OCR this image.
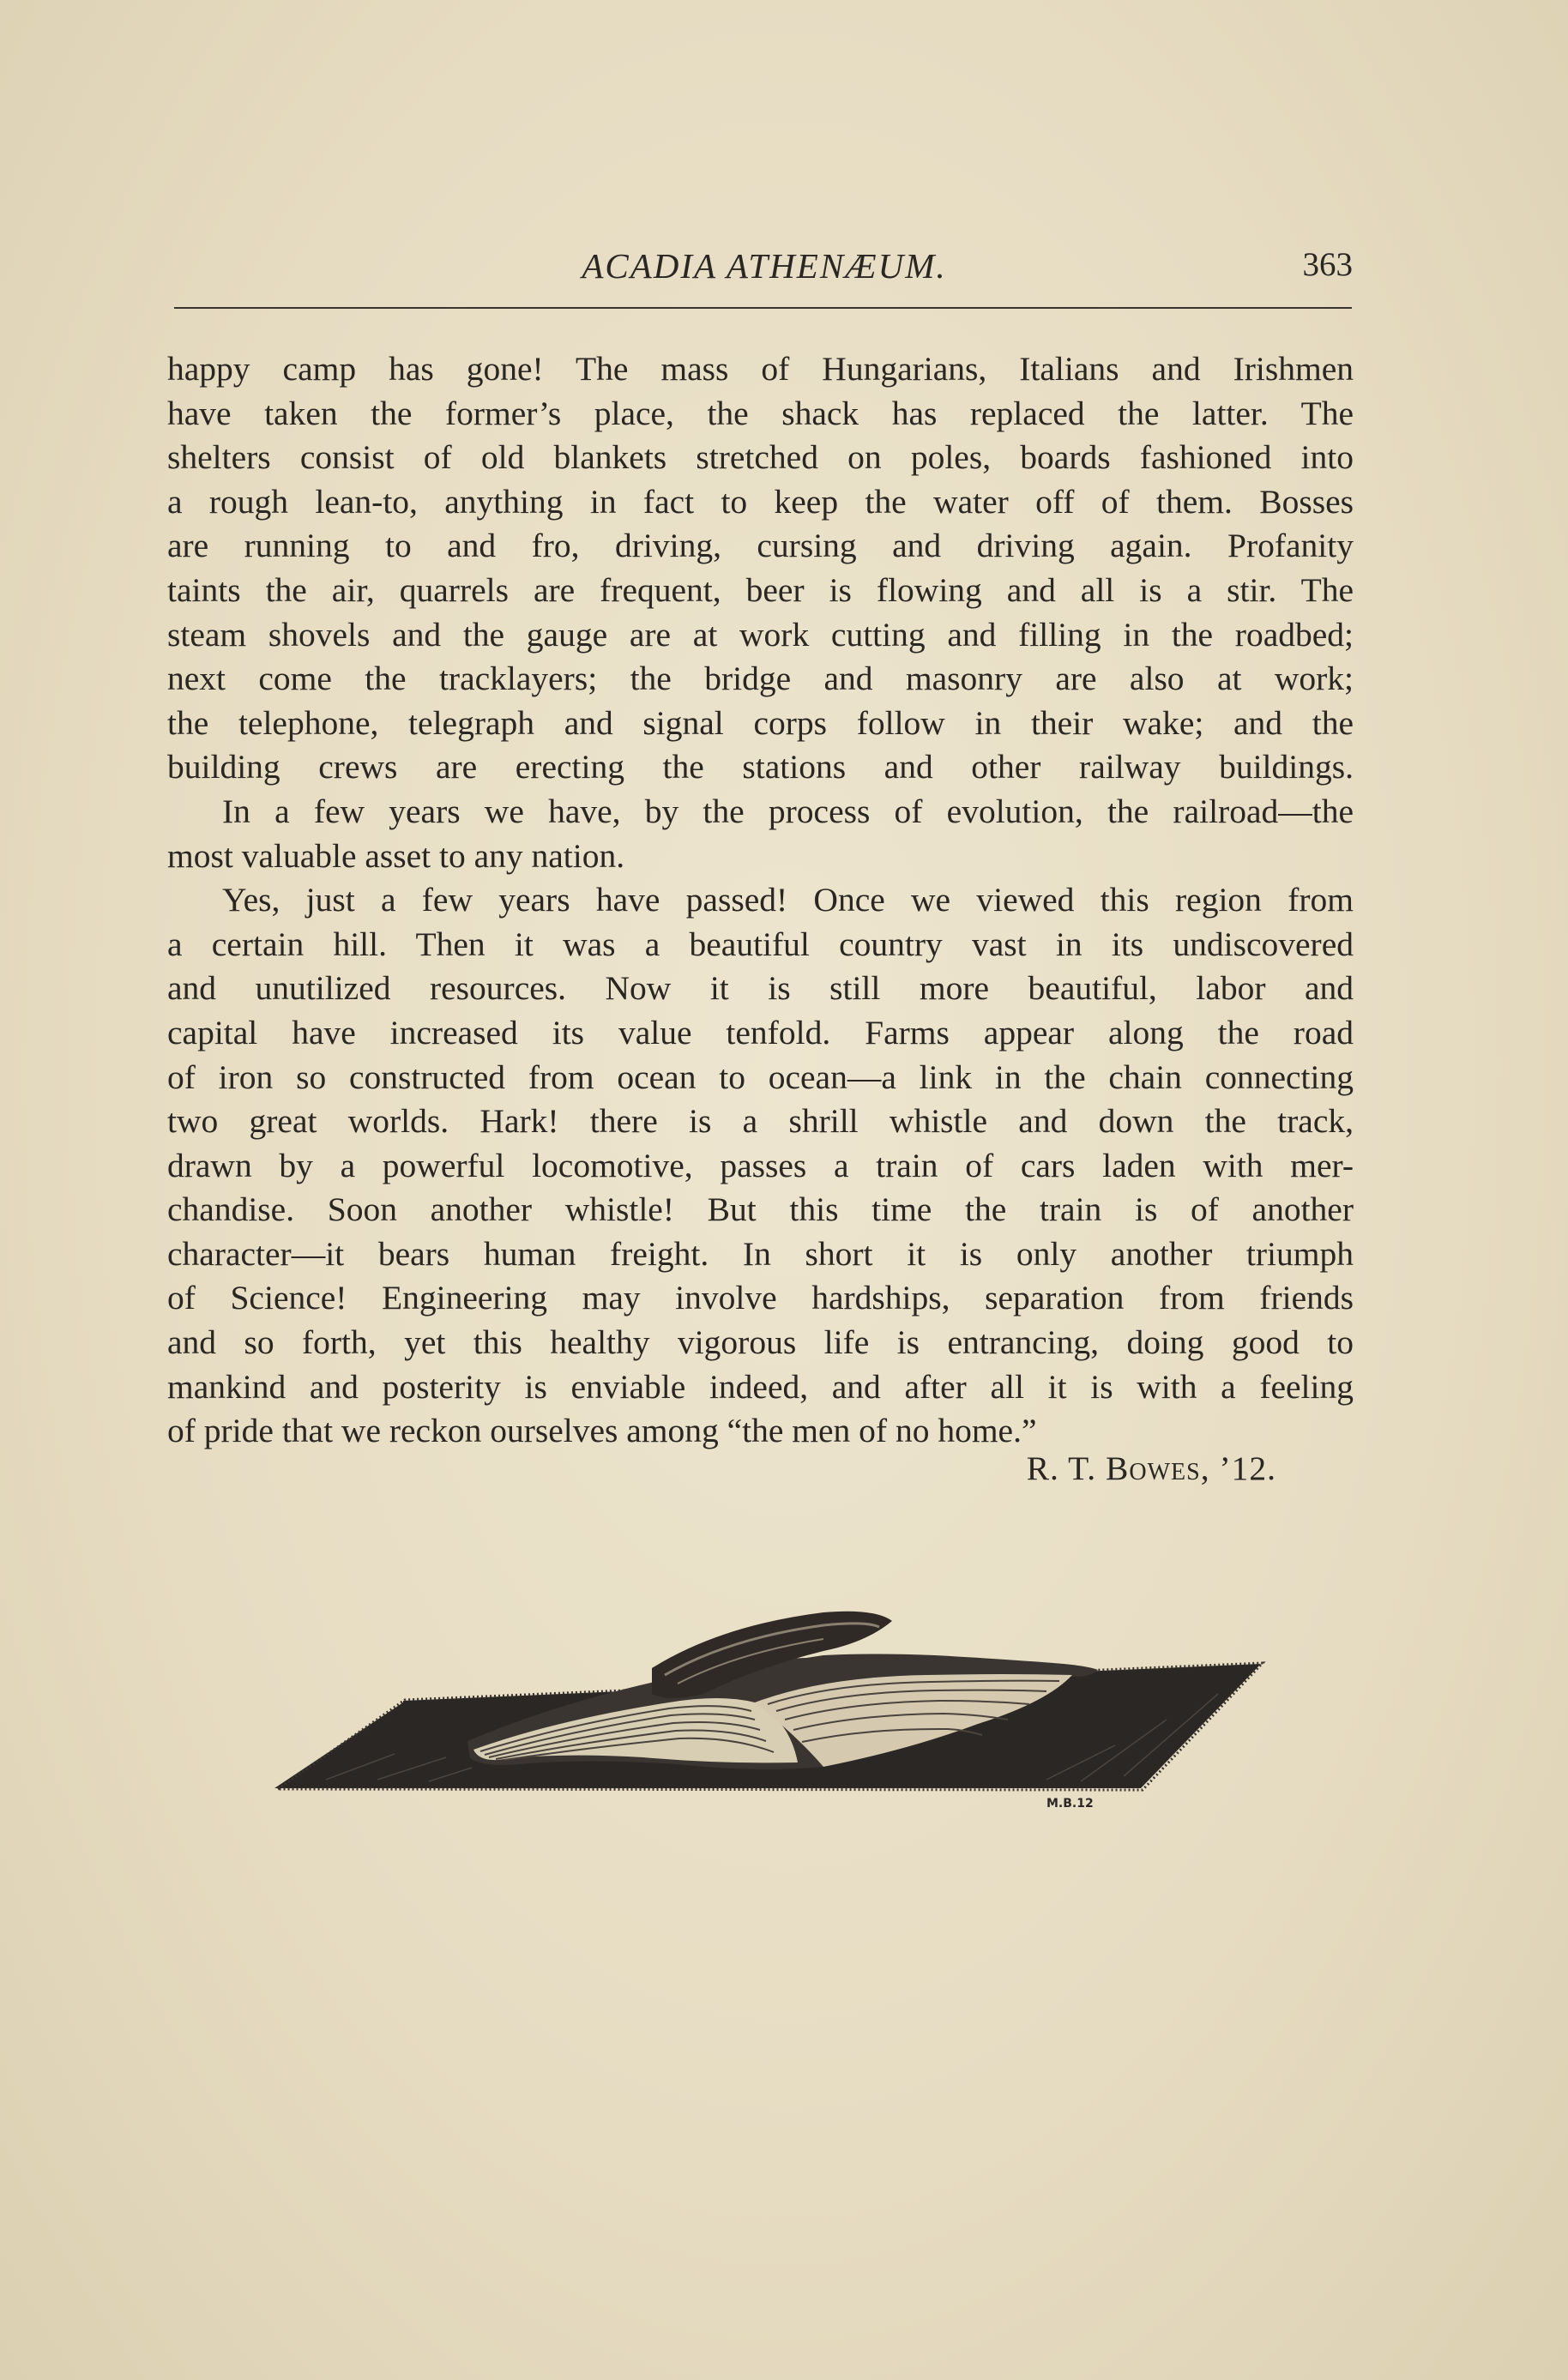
ACADIA ATHENÆUM.	363
happy camp has gone! The mass of Hungarians, Italians and Irishmen
have taken the former’s place, the shack has replaced the latter. The
shelters consist of old blankets stretched on poles, boards fashioned into
a rough lean-to, anything in fact to keep the water off of them. Bosses
are running to and fro, driving, cursing and driving again. Profanity
taints the air, quarrels are frequent, beer is flowing and all is a stir. The
steam shovels and the gauge are at work cutting and filling in the roadbed;
next come the tracklayers; the bridge and masonry are also at work;
the telephone, telegraph and signal corps follow in their wake; and the
building crews are erecting the stations and other railway buildings.
In a few years we have, by the process of evolution, the railroad—the
most valuable asset to any nation.
Yes, just a few years have passed! Once we viewed this region from
a certain hill. Then it was a beautiful country vast in its undiscovered
and unutilized resources. Now it is still more beautiful, labor and
capital have increased its value tenfold. Farms appear along the road
of iron so constructed from ocean to ocean—a link in the chain connecting
two great worlds. Hark! there is a shrill whistle and down the track,
drawn by a powerful locomotive, passes a train of cars laden with mer-
chandise. Soon another whistle! But this time the train is of another
character—it bears human freight. In short it is only another triumph
of Science! Engineering may involve hardships, separation from friends
and so forth, yet this healthy vigorous life is entrancing, doing good to
mankind and posterity is enviable indeed, and after all it is with a feeling
of pride that we reckon ourselves among “the men of no home.”
R. T. Bowes, ’12.
M.B.12
